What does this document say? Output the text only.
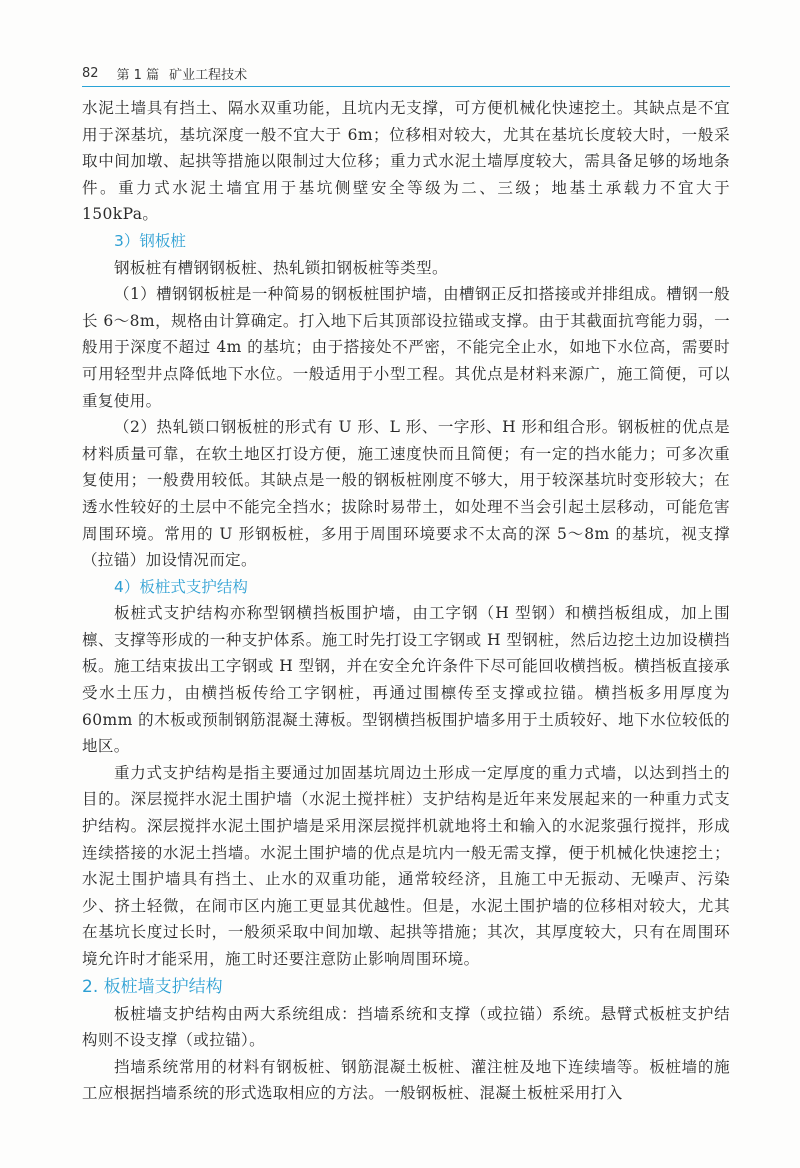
82 第 1 篇 矿业工程技术

水泥土墙具有挡土、隔水双重功能，且坑内无支撑，可方便机械化快速挖土。其缺点是不宜用于深基坑，基坑深度一般不宜大于 6m；位移相对较大，尤其在基坑长度较大时，一般采取中间加墩、起拱等措施以限制过大位移；重力式水泥土墙厚度较大，需具备足够的场地条件。重力式水泥土墙宜用于基坑侧壁安全等级为二、三级；地基土承载力不宜大于 150kPa。

3）钢板桩

钢板桩有槽钢钢板桩、热轧锁扣钢板桩等类型。

（1）槽钢钢板桩是一种简易的钢板桩围护墙，由槽钢正反扣搭接或并排组成。槽钢一般长 6～8m，规格由计算确定。打入地下后其顶部设拉锚或支撑。由于其截面抗弯能力弱，一般用于深度不超过 4m 的基坑；由于搭接处不严密，不能完全止水，如地下水位高，需要时可用轻型井点降低地下水位。一般适用于小型工程。其优点是材料来源广，施工简便，可以重复使用。

（2）热轧锁口钢板桩的形式有 U 形、L 形、一字形、H 形和组合形。钢板桩的优点是材料质量可靠，在软土地区打设方便，施工速度快而且简便；有一定的挡水能力；可多次重复使用；一般费用较低。其缺点是一般的钢板桩刚度不够大，用于较深基坑时变形较大；在透水性较好的土层中不能完全挡水；拔除时易带土，如处理不当会引起土层移动，可能危害周围环境。常用的 U 形钢板桩，多用于周围环境要求不太高的深 5～8m 的基坑，视支撑（拉锚）加设情况而定。

4）板桩式支护结构

板桩式支护结构亦称型钢横挡板围护墙，由工字钢（H 型钢）和横挡板组成，加上围檩、支撑等形成的一种支护体系。施工时先打设工字钢或 H 型钢桩，然后边挖土边加设横挡板。施工结束拔出工字钢或 H 型钢，并在安全允许条件下尽可能回收横挡板。横挡板直接承受水土压力，由横挡板传给工字钢桩，再通过围檩传至支撑或拉锚。横挡板多用厚度为 60mm 的木板或预制钢筋混凝土薄板。型钢横挡板围护墙多用于土质较好、地下水位较低的地区。

重力式支护结构是指主要通过加固基坑周边土形成一定厚度的重力式墙，以达到挡土的目的。深层搅拌水泥土围护墙（水泥土搅拌桩）支护结构是近年来发展起来的一种重力式支护结构。深层搅拌水泥土围护墙是采用深层搅拌机就地将土和输入的水泥浆强行搅拌，形成连续搭接的水泥土挡墙。水泥土围护墙的优点是坑内一般无需支撑，便于机械化快速挖土；水泥土围护墙具有挡土、止水的双重功能，通常较经济，且施工中无振动、无噪声、污染少、挤土轻微，在闹市区内施工更显其优越性。但是，水泥土围护墙的位移相对较大，尤其在基坑长度过长时，一般须采取中间加墩、起拱等措施；其次，其厚度较大，只有在周围环境允许时才能采用，施工时还要注意防止影响周围环境。

2. 板桩墙支护结构

板桩墙支护结构由两大系统组成：挡墙系统和支撑（或拉锚）系统。悬臂式板桩支护结构则不设支撑（或拉锚）。

挡墙系统常用的材料有钢板桩、钢筋混凝土板桩、灌注桩及地下连续墙等。板桩墙的施工应根据挡墙系统的形式选取相应的方法。一般钢板桩、混凝土板桩采用打入
